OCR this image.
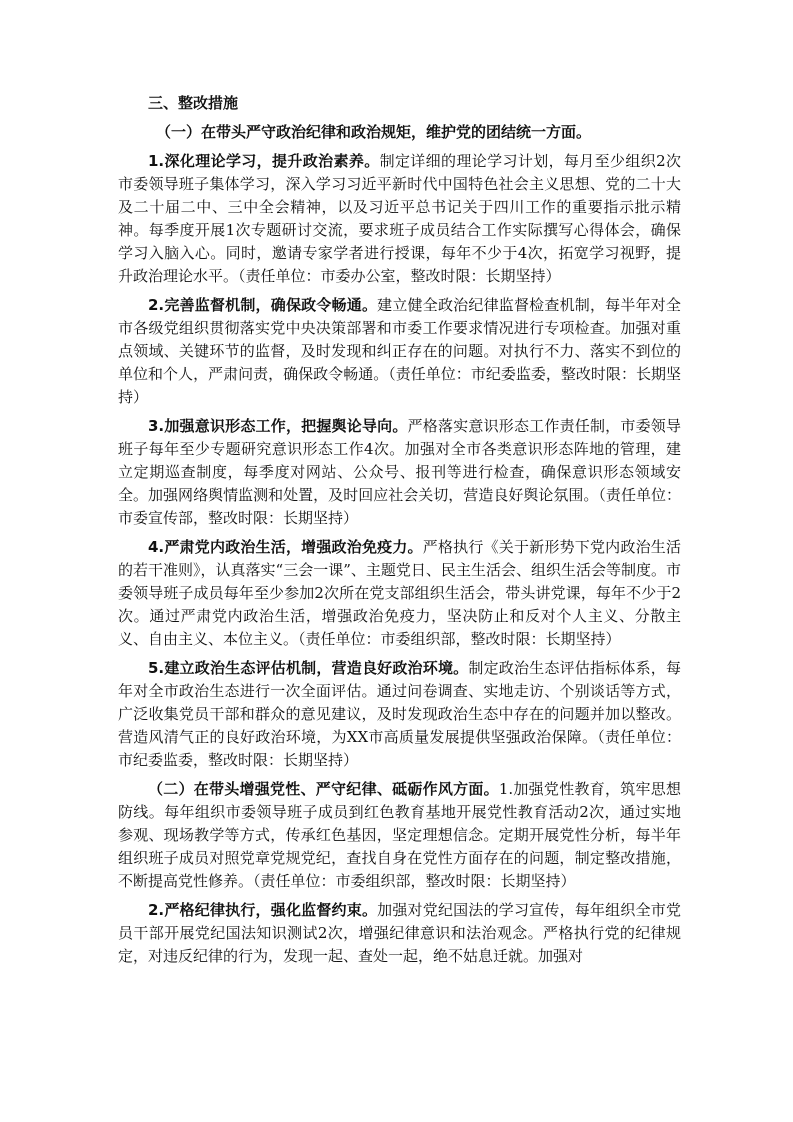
三、整改措施

（一）在带头严守政治纪律和政治规矩，维护党的团结统一方面。

1.深化理论学习，提升政治素养。制定详细的理论学习计划，每月至少组织2次市委领导班子集体学习，深入学习习近平新时代中国特色社会主义思想、党的二十大及二十届二中、三中全会精神，以及习近平总书记关于四川工作的重要指示批示精神。每季度开展1次专题研讨交流，要求班子成员结合工作实际撰写心得体会，确保学习入脑入心。同时，邀请专家学者进行授课，每年不少于4次，拓宽学习视野，提升政治理论水平。（责任单位：市委办公室，整改时限：长期坚持）

2.完善监督机制，确保政令畅通。建立健全政治纪律监督检查机制，每半年对全市各级党组织贯彻落实党中央决策部署和市委工作要求情况进行专项检查。加强对重点领域、关键环节的监督，及时发现和纠正存在的问题。对执行不力、落实不到位的单位和个人，严肃问责，确保政令畅通。（责任单位：市纪委监委，整改时限：长期坚持）

3.加强意识形态工作，把握舆论导向。严格落实意识形态工作责任制，市委领导班子每年至少专题研究意识形态工作4次。加强对全市各类意识形态阵地的管理，建立定期巡查制度，每季度对网站、公众号、报刊等进行检查，确保意识形态领域安全。加强网络舆情监测和处置，及时回应社会关切，营造良好舆论氛围。（责任单位：市委宣传部，整改时限：长期坚持）

4.严肃党内政治生活，增强政治免疫力。严格执行《关于新形势下党内政治生活的若干准则》，认真落实“三会一课”、主题党日、民主生活会、组织生活会等制度。市委领导班子成员每年至少参加2次所在党支部组织生活会，带头讲党课，每年不少于2次。通过严肃党内政治生活，增强政治免疫力，坚决防止和反对个人主义、分散主义、自由主义、本位主义。（责任单位：市委组织部，整改时限：长期坚持）

5.建立政治生态评估机制，营造良好政治环境。制定政治生态评估指标体系，每年对全市政治生态进行一次全面评估。通过问卷调查、实地走访、个别谈话等方式，广泛收集党员干部和群众的意见建议，及时发现政治生态中存在的问题并加以整改。营造风清气正的良好政治环境，为XX市高质量发展提供坚强政治保障。（责任单位：市纪委监委，整改时限：长期坚持）

（二）在带头增强党性、严守纪律、砥砺作风方面。1.加强党性教育，筑牢思想防线。每年组织市委领导班子成员到红色教育基地开展党性教育活动2次，通过实地参观、现场教学等方式，传承红色基因，坚定理想信念。定期开展党性分析，每半年组织班子成员对照党章党规党纪，查找自身在党性方面存在的问题，制定整改措施，不断提高党性修养。（责任单位：市委组织部，整改时限：长期坚持）

2.严格纪律执行，强化监督约束。加强对党纪国法的学习宣传，每年组织全市党员干部开展党纪国法知识测试2次，增强纪律意识和法治观念。严格执行党的纪律规定，对违反纪律的行为，发现一起、查处一起，绝不姑息迁就。加强对
